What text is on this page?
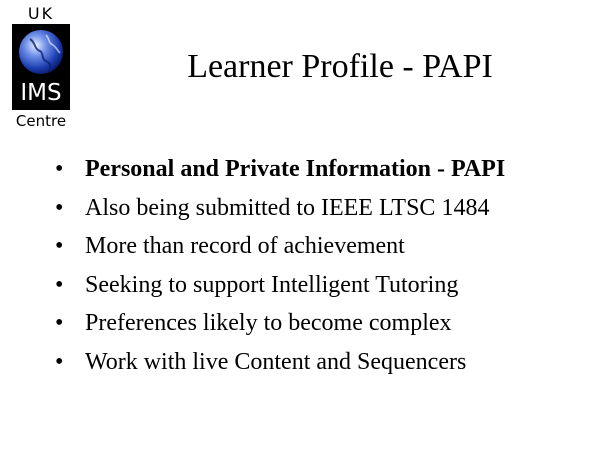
UK
IMS
Centre
Learner Profile - PAPI
• Personal and Private Information - PAPI
• Also being submitted to IEEE LTSC 1484
• More than record of achievement
• Seeking to support Intelligent Tutoring
• Preferences likely to become complex
• Work with live Content and Sequencers
